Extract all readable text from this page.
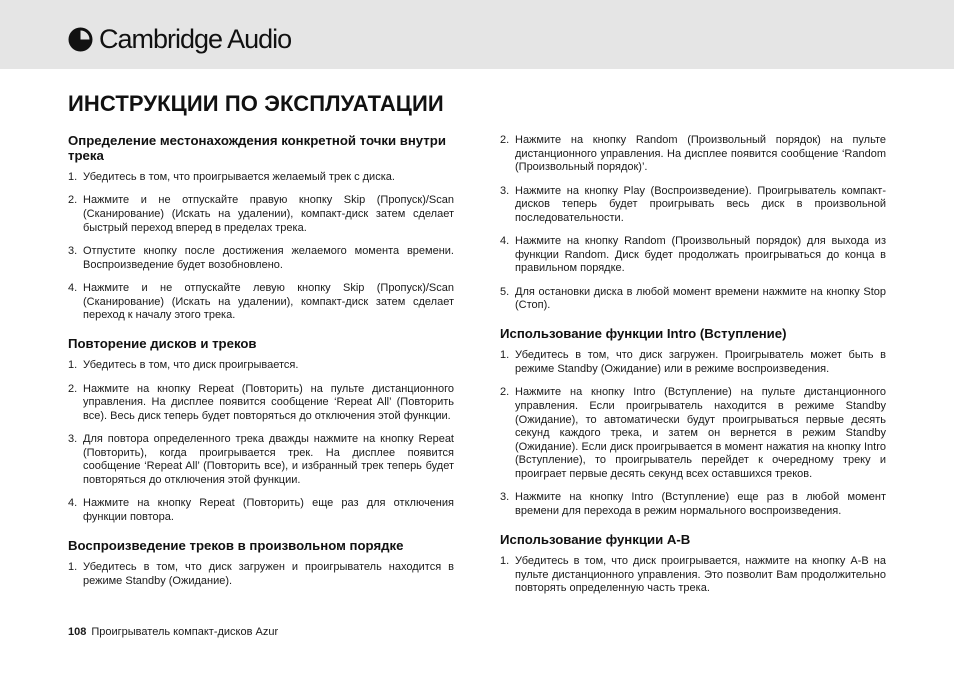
Cambridge Audio
ИНСТРУКЦИИ ПО ЭКСПЛУАТАЦИИ
Определение местонахождения конкретной точки внутри трека
1. Убедитесь в том, что проигрывается желаемый трек с диска.
2. Нажмите и не отпускайте правую кнопку Skip (Пропуск)/Scan (Сканирование) (Искать на удалении), компакт-диск затем сделает быстрый переход вперед в пределах трека.
3. Отпустите кнопку после достижения желаемого момента времени. Воспроизведение будет возобновлено.
4. Нажмите и не отпускайте левую кнопку Skip (Пропуск)/Scan (Сканирование) (Искать на удалении), компакт-диск затем сделает переход к началу этого трека.
Повторение дисков и треков
1. Убедитесь в том, что диск проигрывается.
2. Нажмите на кнопку Repeat (Повторить) на пульте дистанционного управления. На дисплее появится сообщение ‘Repeat All’ (Повторить все). Весь диск теперь будет повторяться до отключения этой функции.
3. Для повтора определенного трека дважды нажмите на кнопку Repeat (Повторить), когда проигрывается трек. На дисплее появится сообщение ‘Repeat All’ (Повторить все), и избранный трек теперь будет повторяться до отключения этой функции.
4. Нажмите на кнопку Repeat (Повторить) еще раз для отключения функции повтора.
Воспроизведение треков в произвольном порядке
1. Убедитесь в том, что диск загружен и проигрыватель находится в режиме Standby (Ожидание).
2. Нажмите на кнопку Random (Произвольный порядок) на пульте дистанционного управления. На дисплее появится сообщение ‘Random (Произвольный порядок)’.
3. Нажмите на кнопку Play (Воспроизведение). Проигрыватель компакт-дисков теперь будет проигрывать весь диск в произвольной последовательности.
4. Нажмите на кнопку Random (Произвольный порядок) для выхода из функции Random. Диск будет продолжать проигрываться до конца в правильном порядке.
5. Для остановки диска в любой момент времени нажмите на кнопку Stop (Стоп).
Использование функции Intro (Вступление)
1. Убедитесь в том, что диск загружен. Проигрыватель может быть в режиме Standby (Ожидание) или в режиме воспроизведения.
2. Нажмите на кнопку Intro (Вступление) на пульте дистанционного управления. Если проигрыватель находится в режиме Standby (Ожидание), то автоматически будут проигрываться первые десять секунд каждого трека, и затем он вернется в режим Standby (Ожидание). Если диск проигрывается в момент нажатия на кнопку Intro (Вступление), то проигрыватель перейдет к очередному треку и проиграет первые десять секунд всех оставшихся треков.
3. Нажмите на кнопку Intro (Вступление) еще раз в любой момент времени для перехода в режим нормального воспроизведения.
Использование функции A-B
1. Убедитесь в том, что диск проигрывается, нажмите на кнопку A-B на пульте дистанционного управления. Это позволит Вам продолжительно повторять определенную часть трека.
108 Проигрыватель компакт-дисков Azur
